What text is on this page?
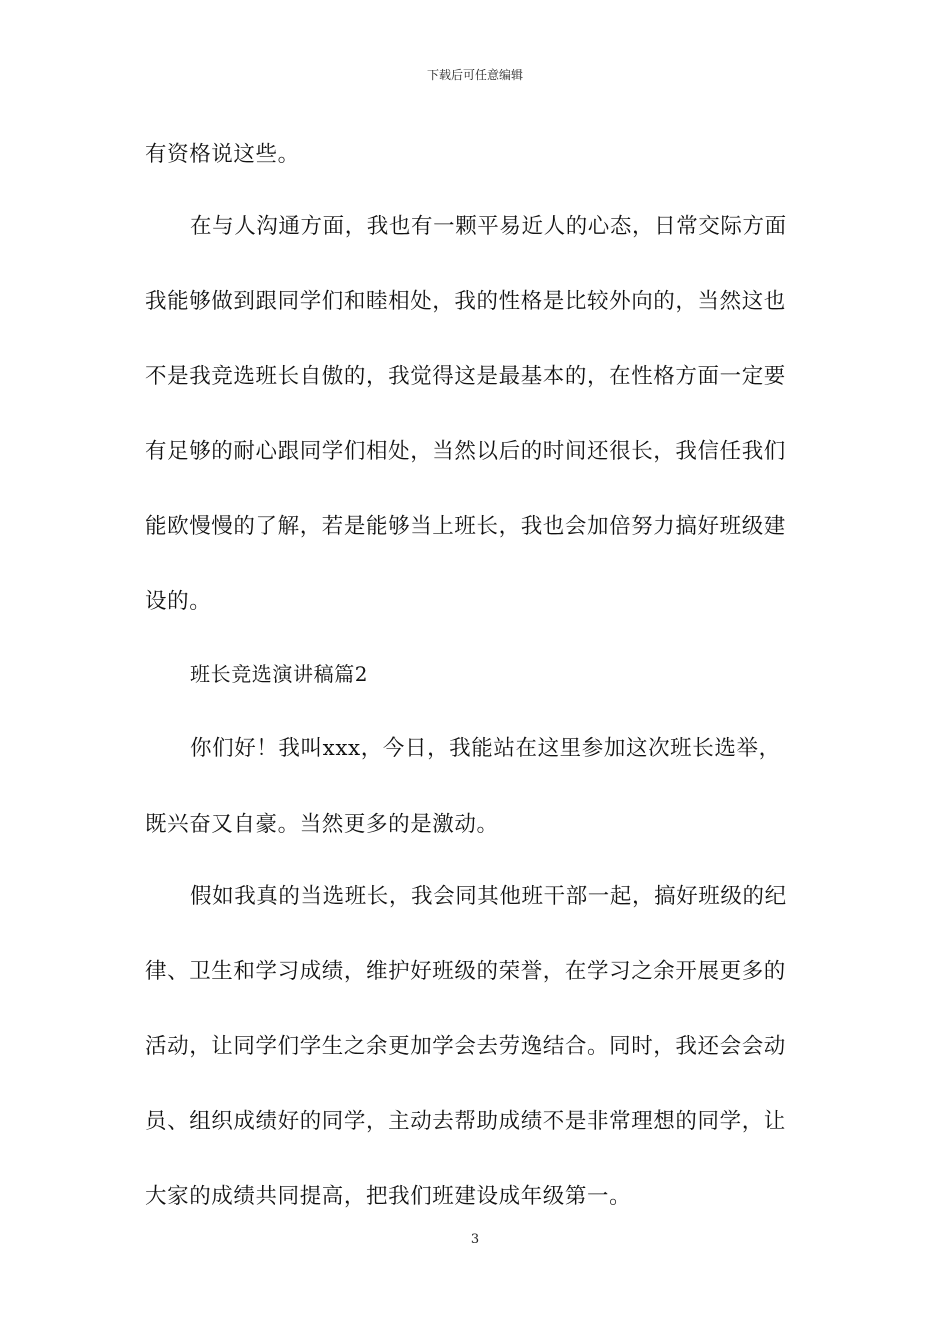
下载后可任意编辑
有资格说这些。
在与人沟通方面，我也有一颗平易近人的心态，日常交际方面
我能够做到跟同学们和睦相处，我的性格是比较外向的，当然这也
不是我竞选班长自傲的，我觉得这是最基本的，在性格方面一定要
有足够的耐心跟同学们相处，当然以后的时间还很长，我信任我们
能欧慢慢的了解，若是能够当上班长，我也会加倍努力搞好班级建
设的。
班长竞选演讲稿篇2
你们好！我叫xxx，今日，我能站在这里参加这次班长选举，
既兴奋又自豪。当然更多的是激动。
假如我真的当选班长，我会同其他班干部一起，搞好班级的纪
律、卫生和学习成绩，维护好班级的荣誉，在学习之余开展更多的
活动，让同学们学生之余更加学会去劳逸结合。同时，我还会会动
员、组织成绩好的同学，主动去帮助成绩不是非常理想的同学，让
大家的成绩共同提高，把我们班建设成年级第一。
3
